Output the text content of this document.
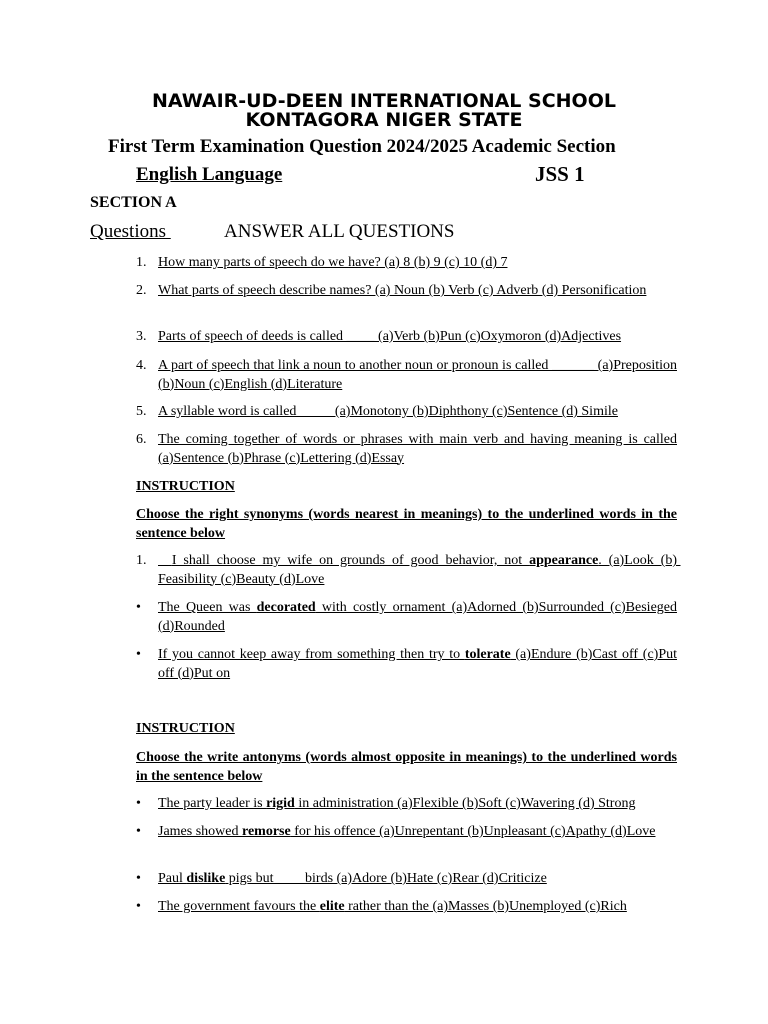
NAWAIR-UD-DEEN INTERNATIONAL SCHOOL
KONTAGORA NIGER STATE
First Term Examination Question 2024/2025 Academic Section
English Language	JSS 1
SECTION A
Questions	ANSWER ALL QUESTIONS
1. How many parts of speech do we have? (a) 8 (b) 9 (c) 10 (d) 7
2. What parts of speech describe names? (a) Noun (b) Verb (c) Adverb (d) Personification
3. Parts of speech of deeds is called ____ (a)Verb (b)Pun (c)Oxymoron (d)Adjectives
4. A part of speech that link a noun to another noun or pronoun is called ______ (a)Preposition (b)Noun (c)English (d)Literature
5. A syllable word is called           (a)Monotony (b)Diphthony (c)Sentence (d) Simile
6. The coming together of words or phrases with main verb and having meaning is called (a)Sentence (b)Phrase (c)Lettering (d)Essay
INSTRUCTION
Choose the right synonyms (words nearest in meanings) to the underlined words in the sentence below
1. I shall choose my wife on grounds of good behavior, not appearance. (a)Look (b) Feasibility (c)Beauty (d)Love
• The Queen was decorated with costly ornament (a)Adorned (b)Surrounded (c)Besieged (d)Rounded
• If you cannot keep away from something then try to tolerate (a)Endure (b)Cast off (c)Put off (d)Put on
INSTRUCTION
Choose the write antonyms (words almost opposite in meanings) to the underlined words in the sentence below
• The party leader is rigid in administration (a)Flexible (b)Soft (c)Wavering (d) Strong
• James showed remorse for his offence (a)Unrepentant (b)Unpleasant (c)Apathy (d)Love
• Paul dislike pigs but         birds (a)Adore (b)Hate (c)Rear (d)Criticize
• The government favours the elite rather than the (a)Masses (b)Unemployed (c)Rich
